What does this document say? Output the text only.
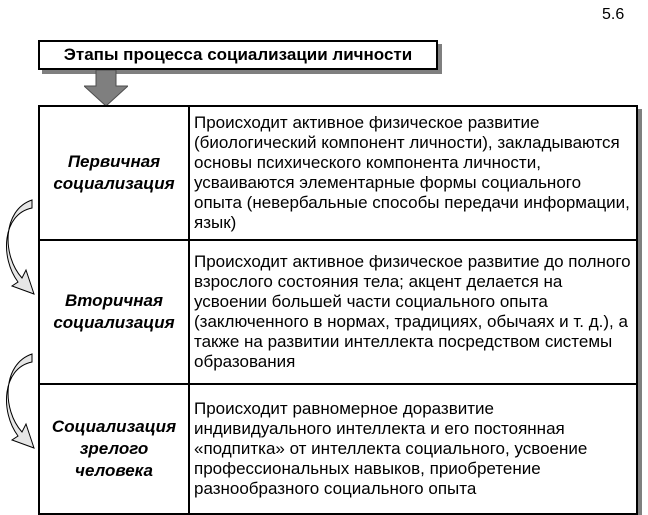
5.6
Этапы процесса социализации личности
Первичная
социализация	Происходит активное физическое развитие (биологический компонент личности), закладываются основы психического компонента личности, усваиваются элементарные формы социального опыта (невербальные способы передачи информации, язык)

Вторичная
социализация	Происходит активное физическое развитие до полного взрослого состояния тела; акцент делается на усвоении большей части социального опыта (заключенного в нормах, традициях, обычаях и т. д.), а также на развитии интеллекта посредством системы образования

Социализация
зрелого
человека	Происходит равномерное доразвитие индивидуального интеллекта и его постоянная «подпитка» от интеллекта социального, усвоение профессиональных навыков, приобретение разнообразного социального опыта
